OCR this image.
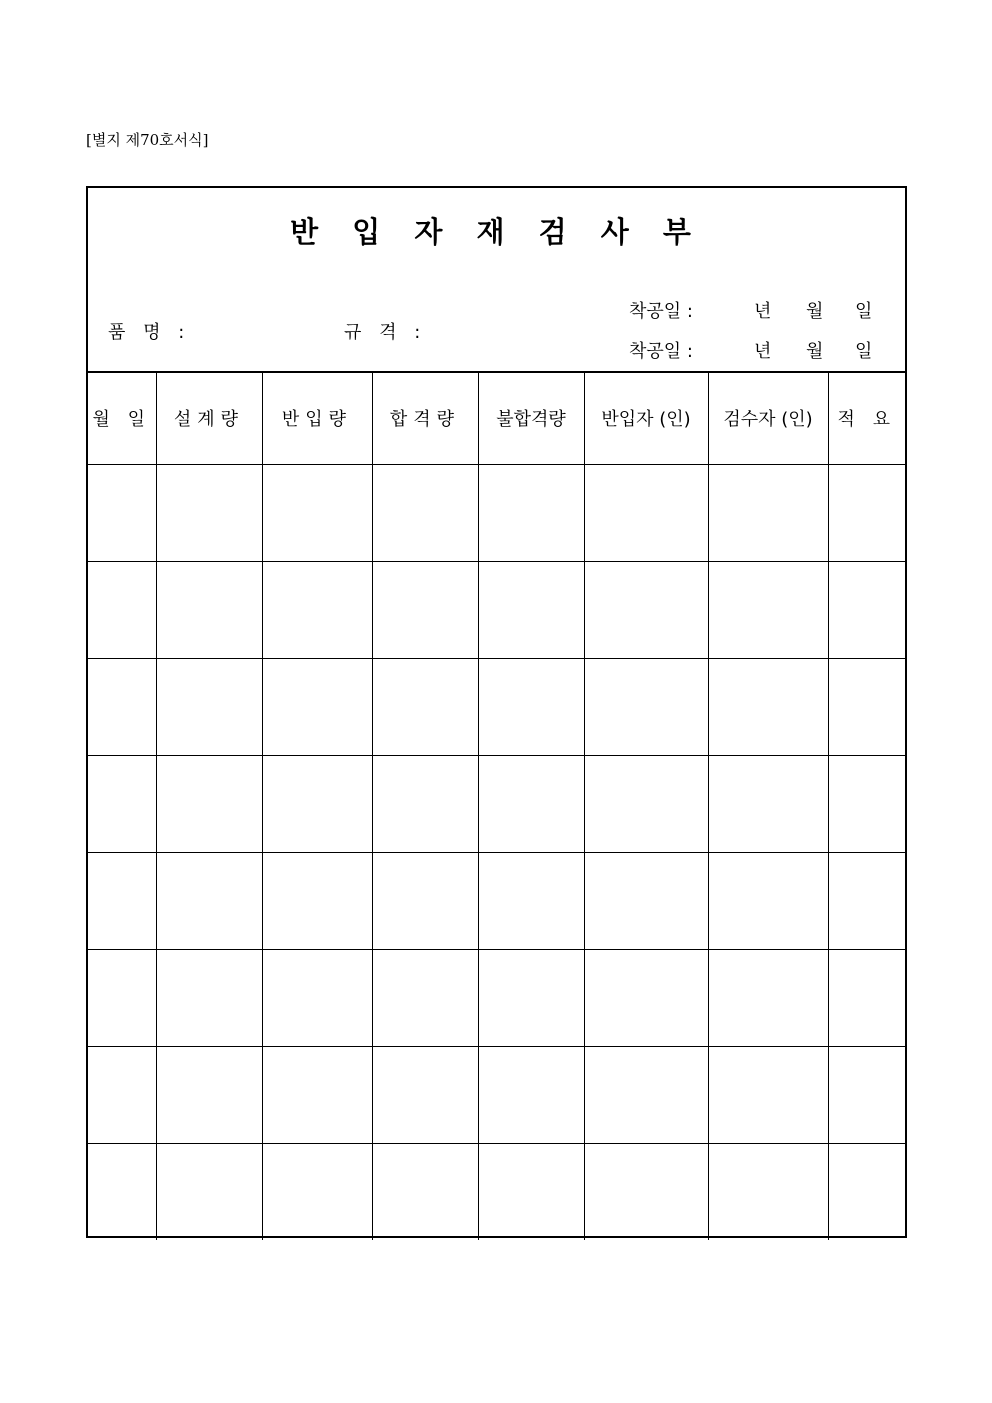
[별지 제70호서식]
반 입 자 재 검 사 부
품 명 :	규 격 :
착공일 :	년 월 일
착공일 :	년 월 일
월 일	설계량	반입량	합격량	불합격량	반입자 (인)	검수자 (인)	적 요
